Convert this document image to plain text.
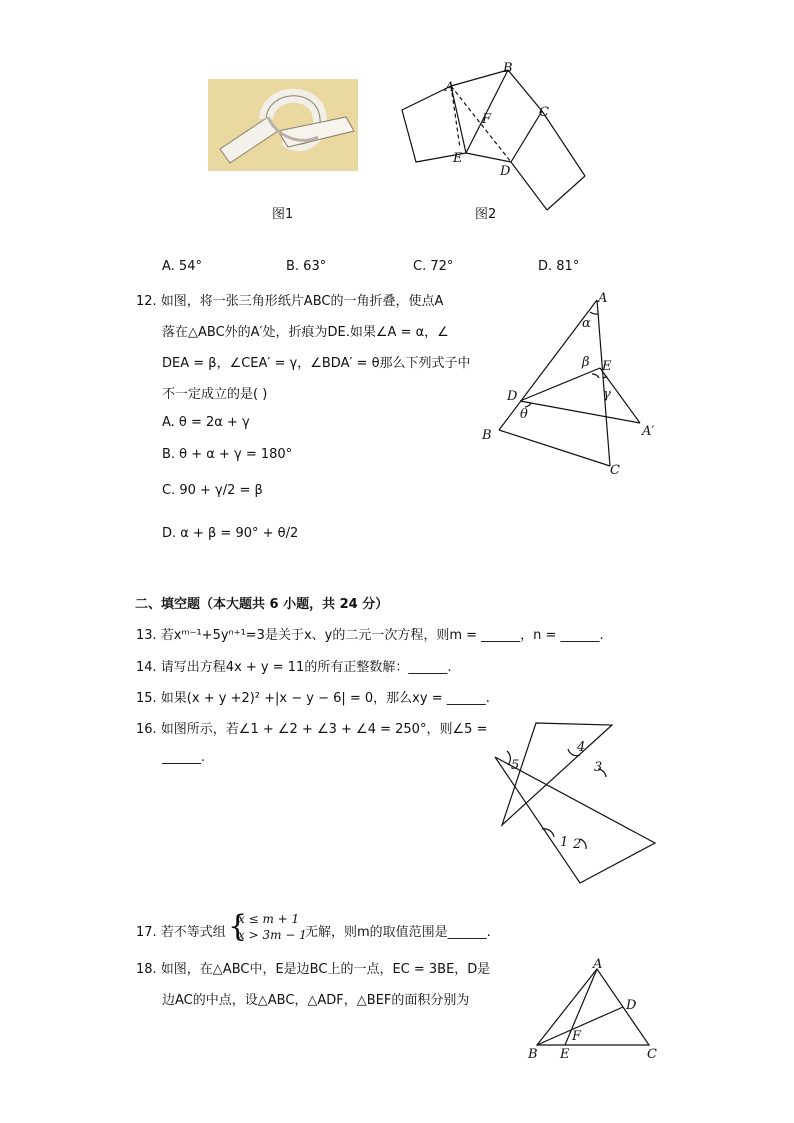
图1
A
B
C
D
E
F
图2
A. 54°	B. 63°	C. 72°	D. 81°
12. 如图，将一张三角形纸片ABC的一角折叠，使点A
落在△ABC外的A′处，折痕为DE.如果∠A = α，∠
DEA = β，∠CEA′ = γ，∠BDA′ = θ那么下列式子中
不一定成立的是( )
A. θ = 2α + γ
B. θ + α + γ = 180°
C. 90 + γ/2 = β
D. α + β = 90° + θ/2
A
α
β E
γ
D
θ
B	A′
C
二、填空题（本大题共 6 小题，共 24 分）
13. 若xᵐ⁻¹+5yⁿ⁺¹=3是关于x、y的二元一次方程，则m = ______，n = ______.
14. 请写出方程4x + y = 11的所有正整数解：______.
15. 如果(x + y +2)² +|x − y − 6| = 0，那么xy = ______.
16. 如图所示，若∠1 + ∠2 + ∠3 + ∠4 = 250°，则∠5 =
______.
4
3
5
1 2
17. 若不等式组 {
x ≤ m + 1
x > 3m − 1
无解，则m的取值范围是______.
18. 如图，在△ABC中，E是边BC上的一点，EC = 3BE，D是
边AC的中点，设△ABC，△ADF，△BEF的面积分别为
A
D
F
B E	C
